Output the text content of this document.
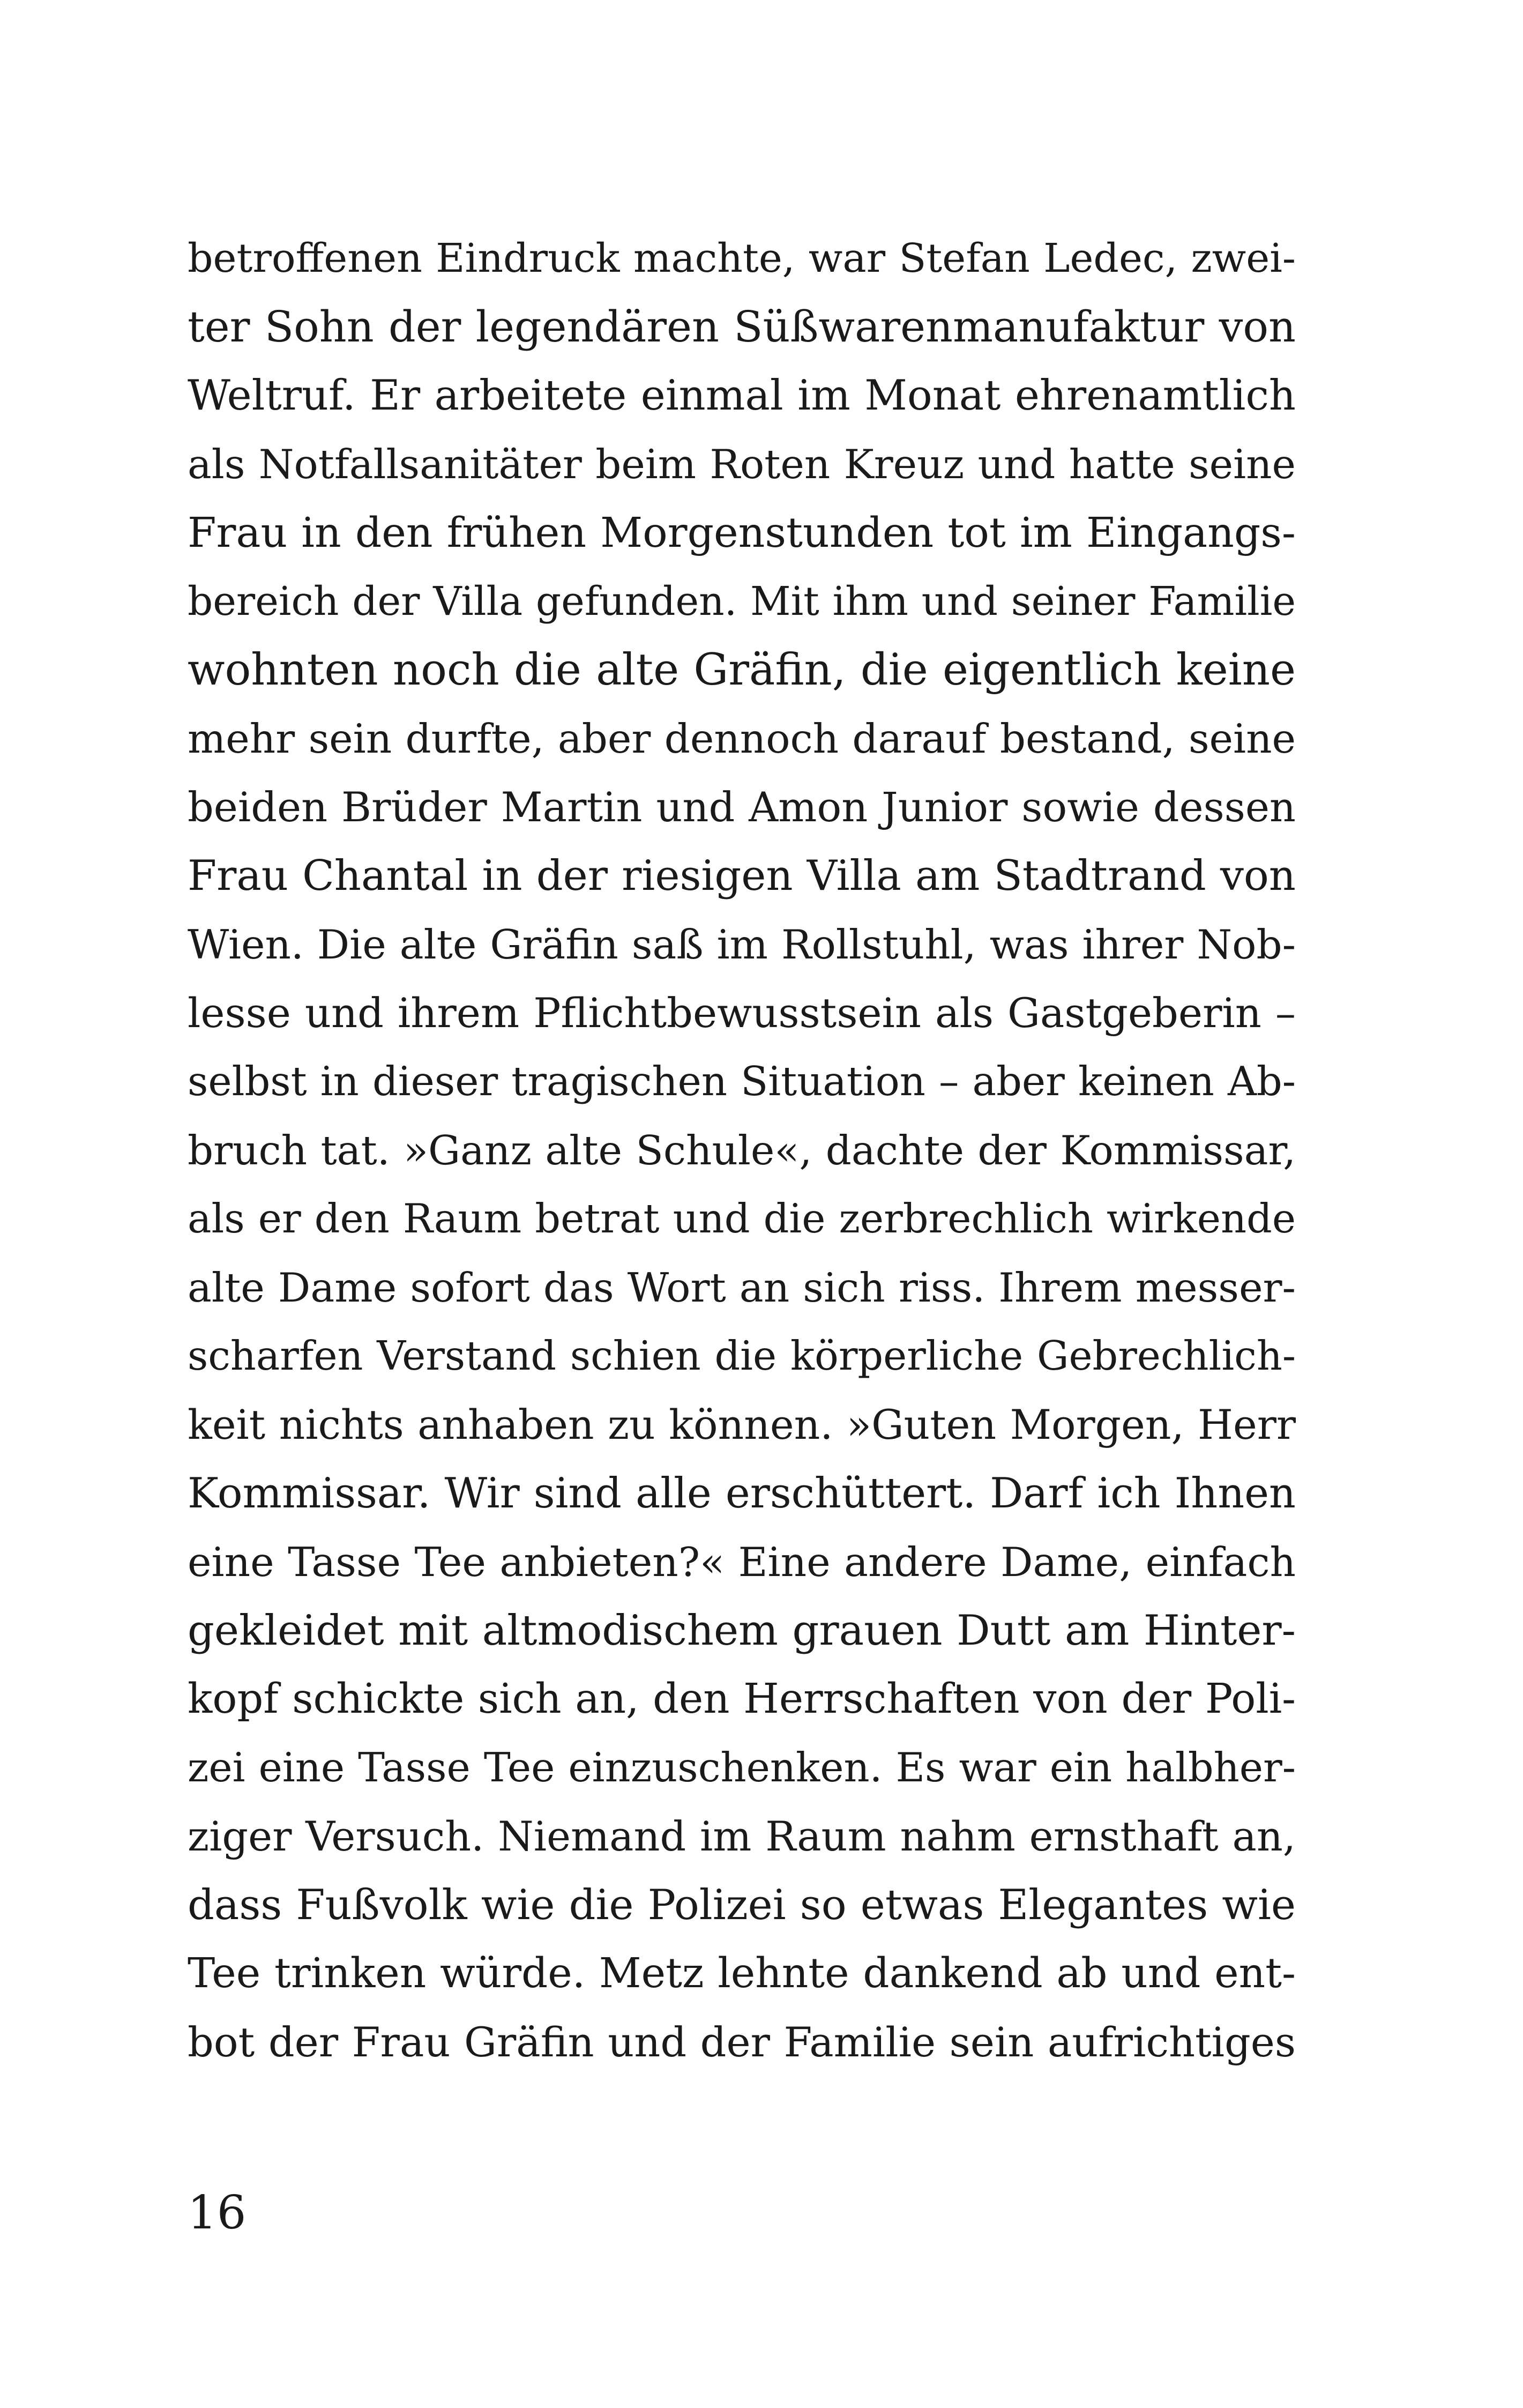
betroffenen Eindruck machte, war Stefan Ledec, zwei-
ter Sohn der legendären Süßwarenmanufaktur von
Weltruf. Er arbeitete einmal im Monat ehrenamtlich
als Notfallsanitäter beim Roten Kreuz und hatte seine
Frau in den frühen Morgenstunden tot im Eingangs-
bereich der Villa gefunden. Mit ihm und seiner Familie
wohnten noch die alte Gräfin, die eigentlich keine
mehr sein durfte, aber dennoch darauf bestand, seine
beiden Brüder Martin und Amon Junior sowie dessen
Frau Chantal in der riesigen Villa am Stadtrand von
Wien. Die alte Gräfin saß im Rollstuhl, was ihrer Nob-
lesse und ihrem Pflichtbewusstsein als Gastgeberin –
selbst in dieser tragischen Situation – aber keinen Ab-
bruch tat. »Ganz alte Schule«, dachte der Kommissar,
als er den Raum betrat und die zerbrechlich wirkende
alte Dame sofort das Wort an sich riss. Ihrem messer-
scharfen Verstand schien die körperliche Gebrechlich-
keit nichts anhaben zu können. »Guten Morgen, Herr
Kommissar. Wir sind alle erschüttert. Darf ich Ihnen
eine Tasse Tee anbieten?« Eine andere Dame, einfach
gekleidet mit altmodischem grauen Dutt am Hinter-
kopf schickte sich an, den Herrschaften von der Poli-
zei eine Tasse Tee einzuschenken. Es war ein halbher-
ziger Versuch. Niemand im Raum nahm ernsthaft an,
dass Fußvolk wie die Polizei so etwas Elegantes wie
Tee trinken würde. Metz lehnte dankend ab und ent-
bot der Frau Gräfin und der Familie sein aufrichtiges
16
